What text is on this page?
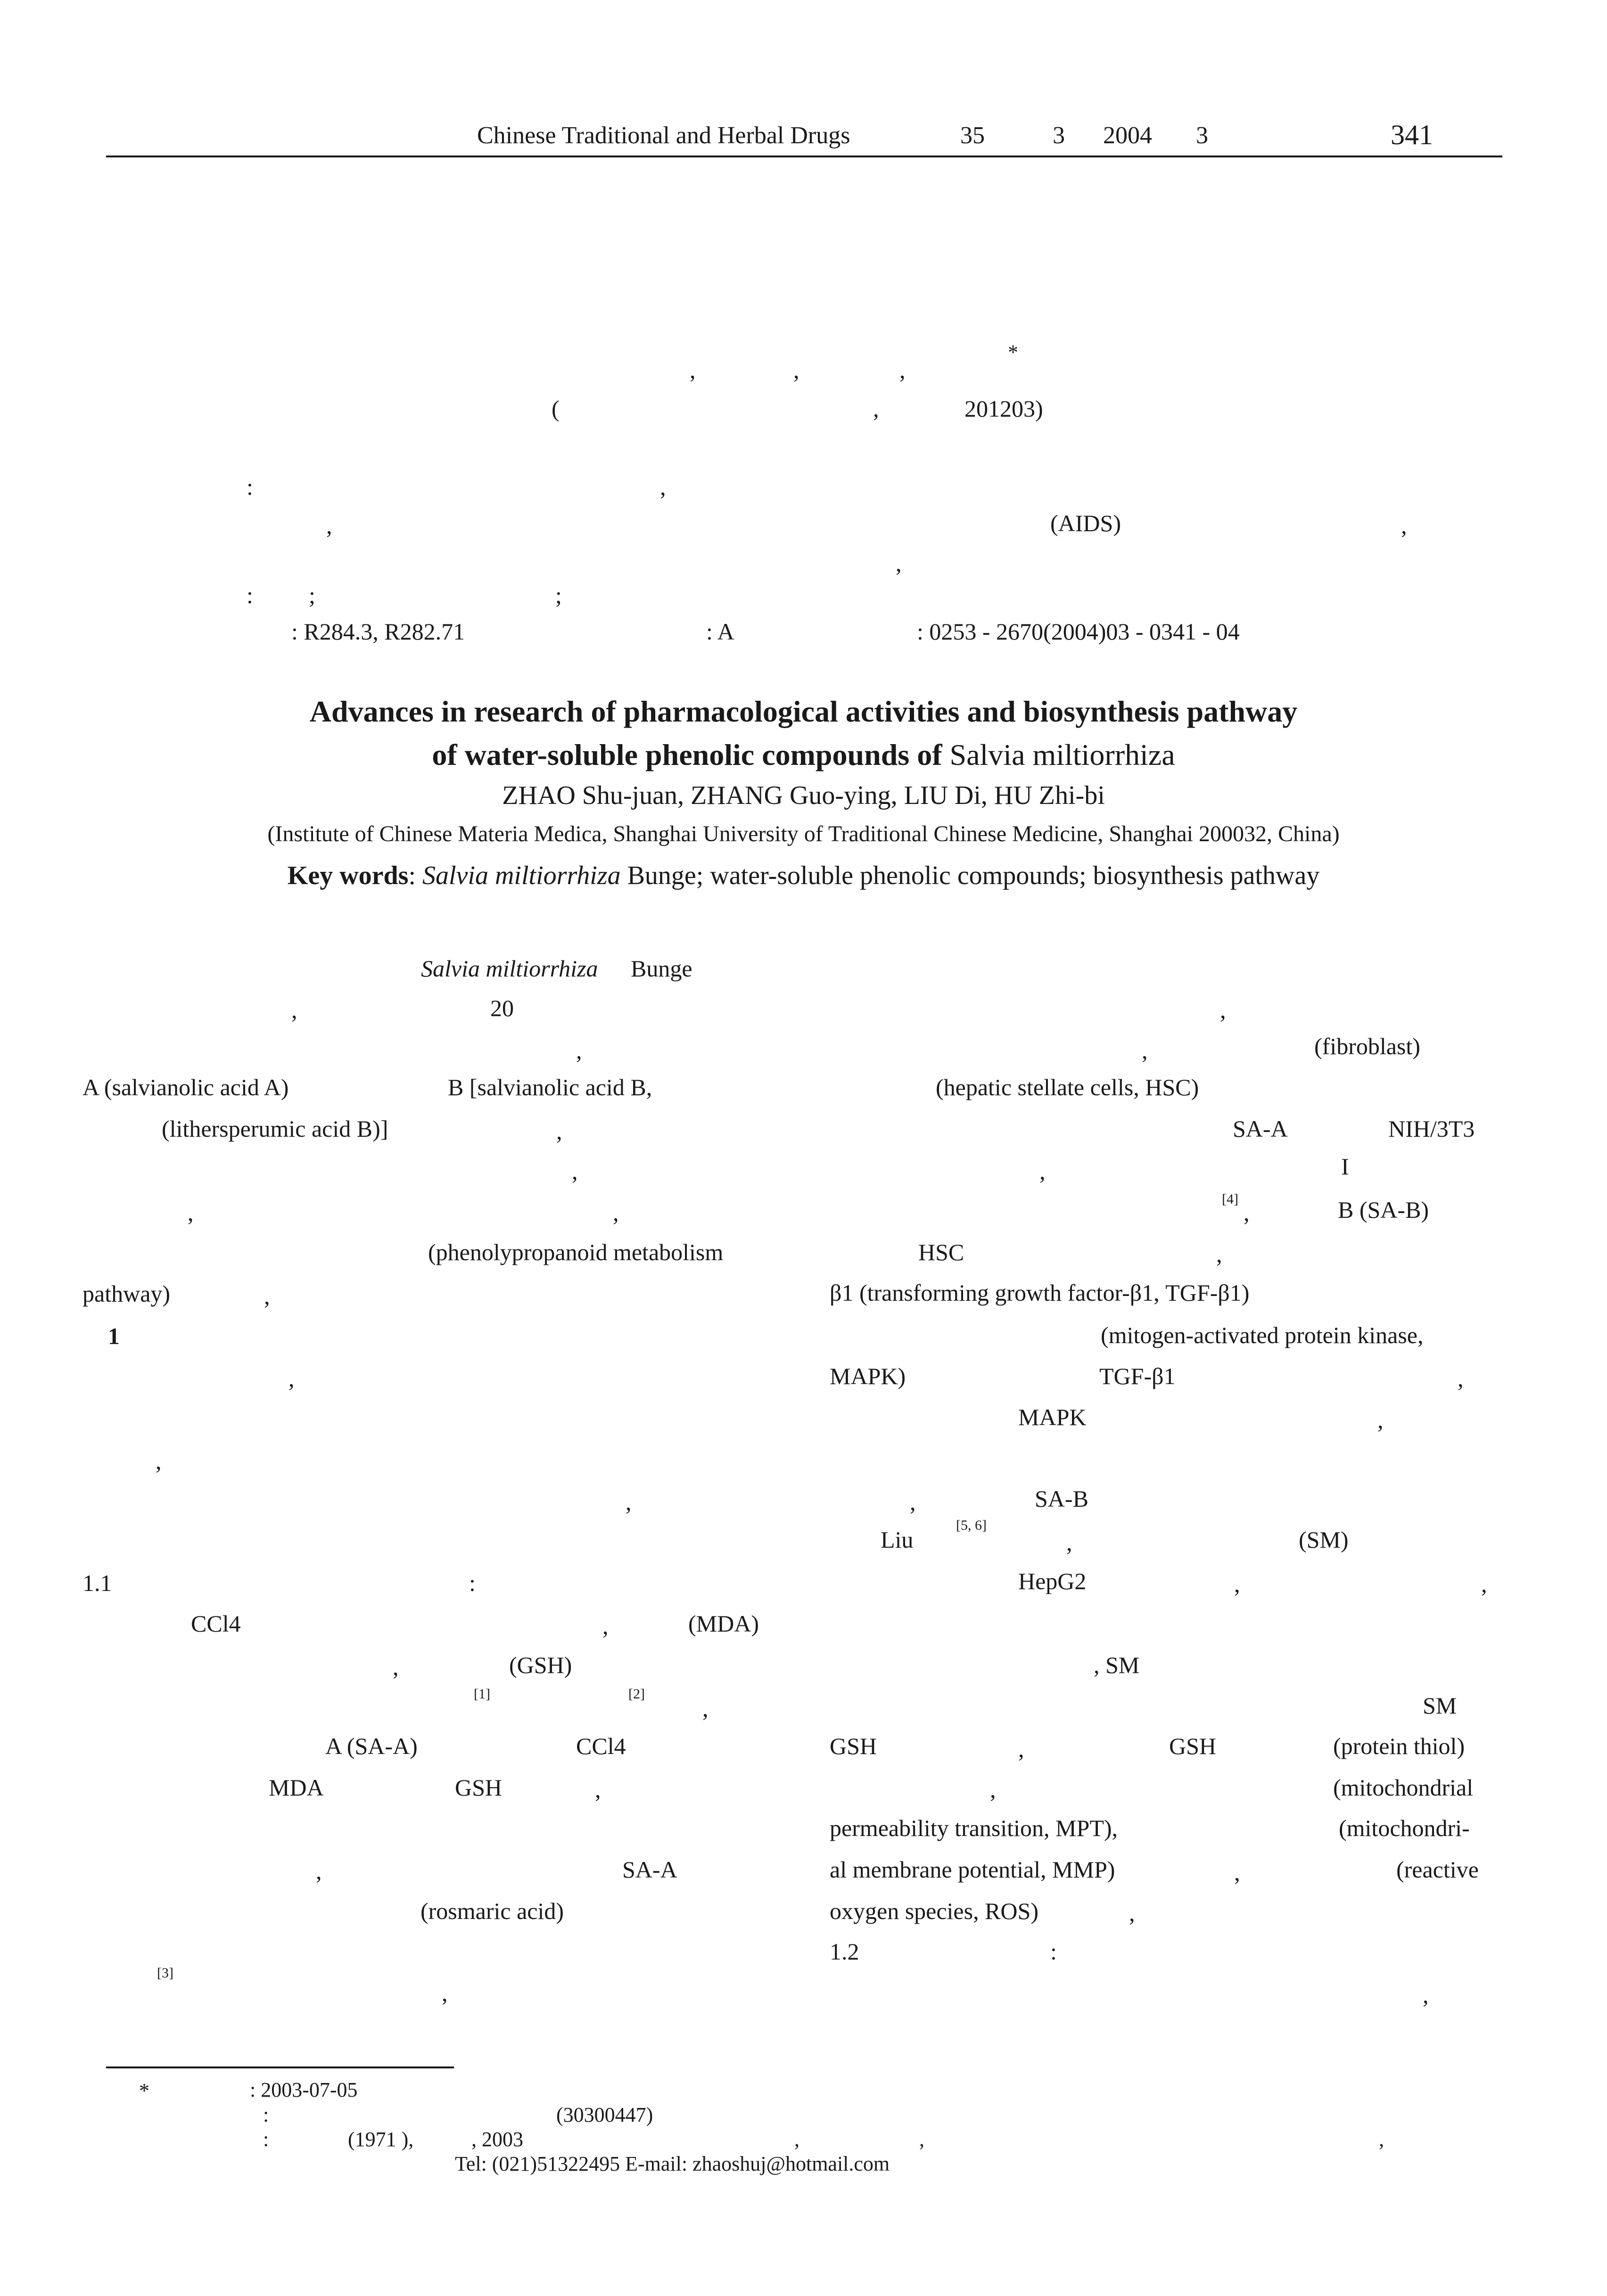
Chinese Traditional and Herbal Drugs	35	3 2004 3	341
*
,	,	,
(	,	201203)
:	,
,	(AIDS)	,
,
: ;	;
: R284.3, R282.71	: A	: 0253 - 2670(2004)03 - 0341 - 04
Advances in research of pharmacological activities and biosynthesis pathway
of water-soluble phenolic compounds of Salvia miltiorrhiza
ZHAO Shu-juan, ZHANG Guo-ying, LIU Di, HU Zhi-bi
(Institute of Chinese Materia Medica, Shanghai University of Traditional Chinese Medicine, Shanghai 200032, China)
Key words: Salvia miltiorrhiza Bunge; water-soluble phenolic compounds; biosynthesis pathway
Salvia miltiorrhiza Bunge
,	20
,
A (salvianolic acid A)	B [salvianolic acid B,
(lithersperumic acid B)]	,
,
,	,
(phenolypropanoid metabolism
pathway)	,
1
,
,
,
1.1	:
CCl4	,	(MDA)
,	(GSH)
[1]	[2]
,
A (SA-A)	CCl4
MDA	GSH	,
,	SA-A
(rosmaric acid)
[3]
,
,
,	(fibroblast)
(hepatic stellate cells, HSC)
SA-A	NIH/3T3
,	I
[4]
,	B (SA-B)
HSC	,
β1 (transforming growth factor-β1, TGF-β1)
(mitogen-activated protein kinase,
MAPK)	TGF-β1	,
MAPK	,
,	SA-B
Liu
[5, 6]
,	(SM)
HepG2	,	,
, SM
SM
GSH	,	GSH	(protein thiol)
,	(mitochondrial
permeability transition, MPT),	(mitochondri-
al membrane potential, MMP)	,	(reactive
oxygen species, ROS)	,
1.2	:
,
*	: 2003-07-05
:	(30300447)
:	(1971 ),	, 2003	,	,	,
Tel: (021)51322495 E-mail: zhaoshuj@hotmail.com
